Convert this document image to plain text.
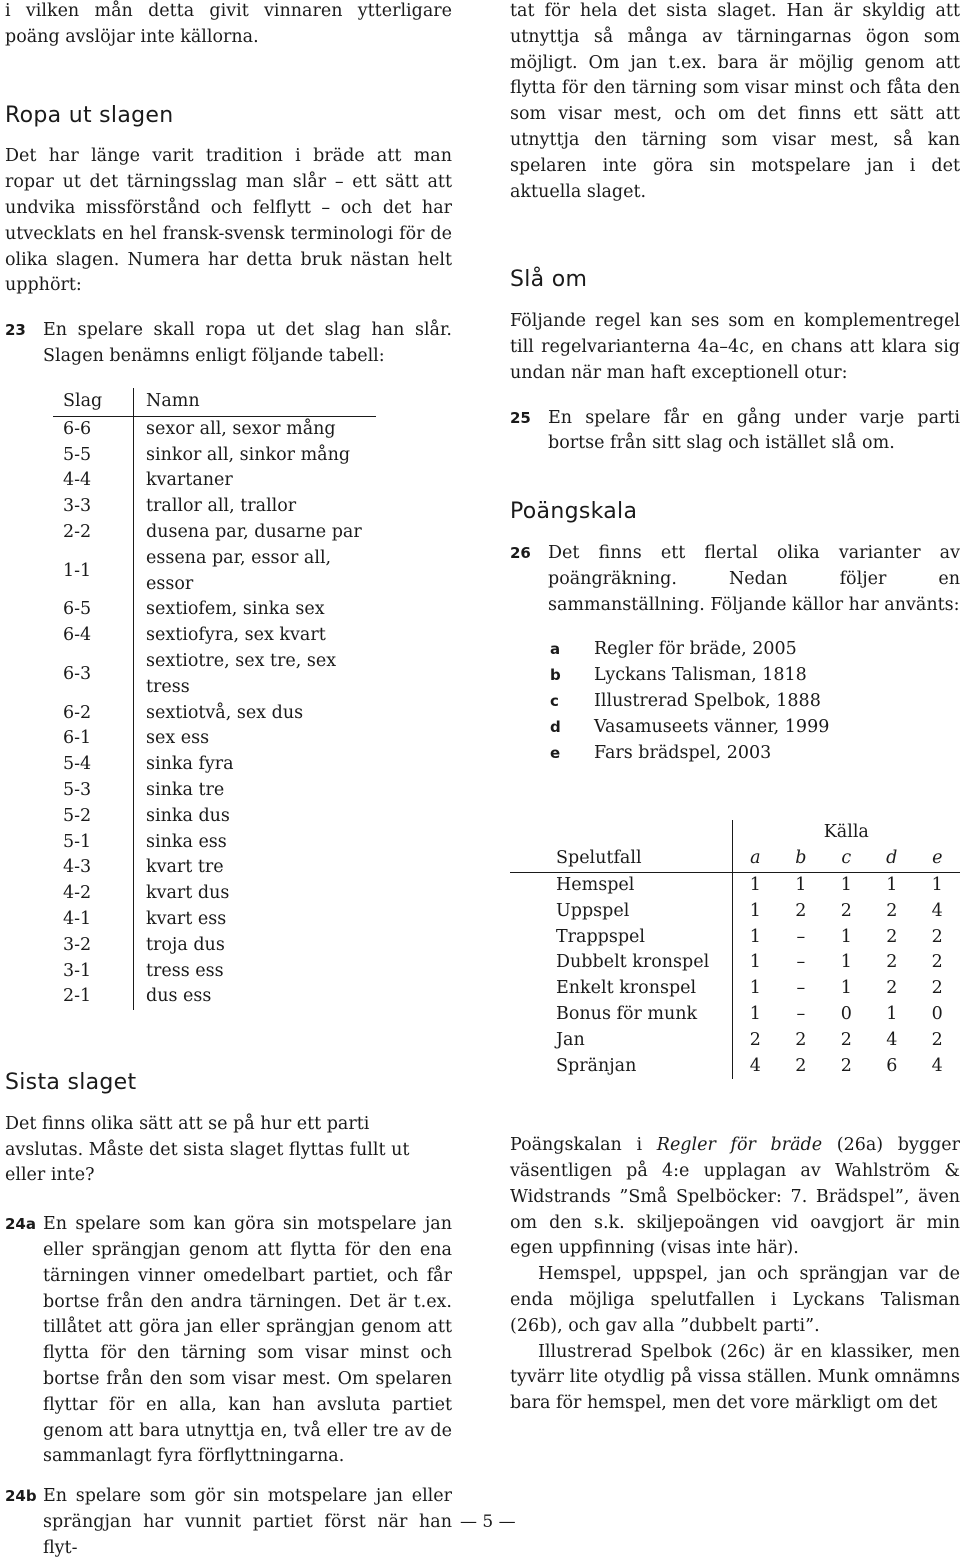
i vilken mån detta givit vinnaren ytterligare poäng avslöjar inte källorna.

Ropa ut slagen

Det har länge varit tradition i bräde att man ropar ut det tärningsslag man slår – ett sätt att undvika missförstånd och felflytt – och det har utvecklats en hel fransk-svensk terminologi för de olika slagen. Numera har detta bruk nästan helt upphört:

23 En spelare skall ropa ut det slag han slår. Slagen benämns enligt följande tabell:
Slag	Namn
6-6	sexor all, sexor mång
5-5	sinkor all, sinkor mång
4-4	kvartaner
3-3	trallor all, trallor
2-2	dusena par, dusarne par
1-1	essena par, essor all, essor
6-5	sextiofem, sinka sex
6-4	sextiofyra, sex kvart
6-3	sextiotre, sex tre, sex tress
6-2	sextiotvå, sex dus
6-1	sex ess
5-4	sinka fyra
5-3	sinka tre
5-2	sinka dus
5-1	sinka ess
4-3	kvart tre
4-2	kvart dus
4-1	kvart ess
3-2	troja dus
3-1	tress ess
2-1	dus ess
Sista slaget

Det finns olika sätt att se på hur ett parti avslutas. Måste det sista slaget flyttas fullt ut eller inte?

24a En spelare som kan göra sin motspelare jan eller sprängjan genom att flytta för den ena tärningen vinner omedelbart partiet, och får bortse från den andra tärningen. Det är t.ex. tillåtet att göra jan eller sprängjan genom att flytta för den tärning som visar minst och bortse från den som visar mest. Om spelaren flyttar för en alla, kan han avsluta partiet genom att bara utnyttja en, två eller tre av de sammanlagt fyra förflyttningarna.
24b En spelare som gör sin motspelare jan eller sprängjan har vunnit partiet först när han flyt-

tat för hela det sista slaget. Han är skyldig att utnyttja så många av tärningarnas ögon som möjligt. Om jan t.ex. bara är möjlig genom att flytta för den tärning som visar minst och fåta den som visar mest, och om det finns ett sätt att utnyttja den tärning som visar mest, så kan spelaren inte göra sin motspelare jan i det aktuella slaget.

Slå om

Följande regel kan ses som en komplementregel till regelvarianterna 4a–4c, en chans att klara sig undan när man haft exceptionell otur:

25 En spelare får en gång under varje parti bortse från sitt slag och istället slå om.
Poängskala
26 Det finns ett flertal olika varianter av poängräkning. Nedan följer en sammanställning. Följande källor har använts:
a	Regler för bräde, 2005
b	Lyckans Talisman, 1818
c	Illustrerad Spelbok, 1888
d	Vasamuseets vänner, 1999
e	Fars brädspel, 2003
	Källa				
Spelutfall	a	b	c	d	e
Hemspel	1	1	1	1	1
Uppspel	1	2	2	2	4
Trappspel	1	–	1	2	2
Dubbelt kronspel	1	–	1	2	2
Enkelt kronspel	1	–	1	2	2
Bonus för munk	1	–	0	1	0
Jan	2	2	2	4	2
Spränjan	4	2	2	6	4

Poängskalan i Regler för bräde (26a) bygger väsentligen på 4:e upplagan av Wahlström & Widstrands ”Små Spelböcker: 7. Brädspel”, även om den s.k. skiljepoängen vid oavgjort är min egen uppfinning (visas inte här).

Hemspel, uppspel, jan och sprängjan var de enda möjliga spelutfallen i Lyckans Talisman (26b), och gav alla ”dubbelt parti”.

Illustrerad Spelbok (26c) är en klassiker, men tyvärr lite otydlig på vissa ställen. Munk omnämns bara för hemspel, men det vore märkligt om det

— 5 —
